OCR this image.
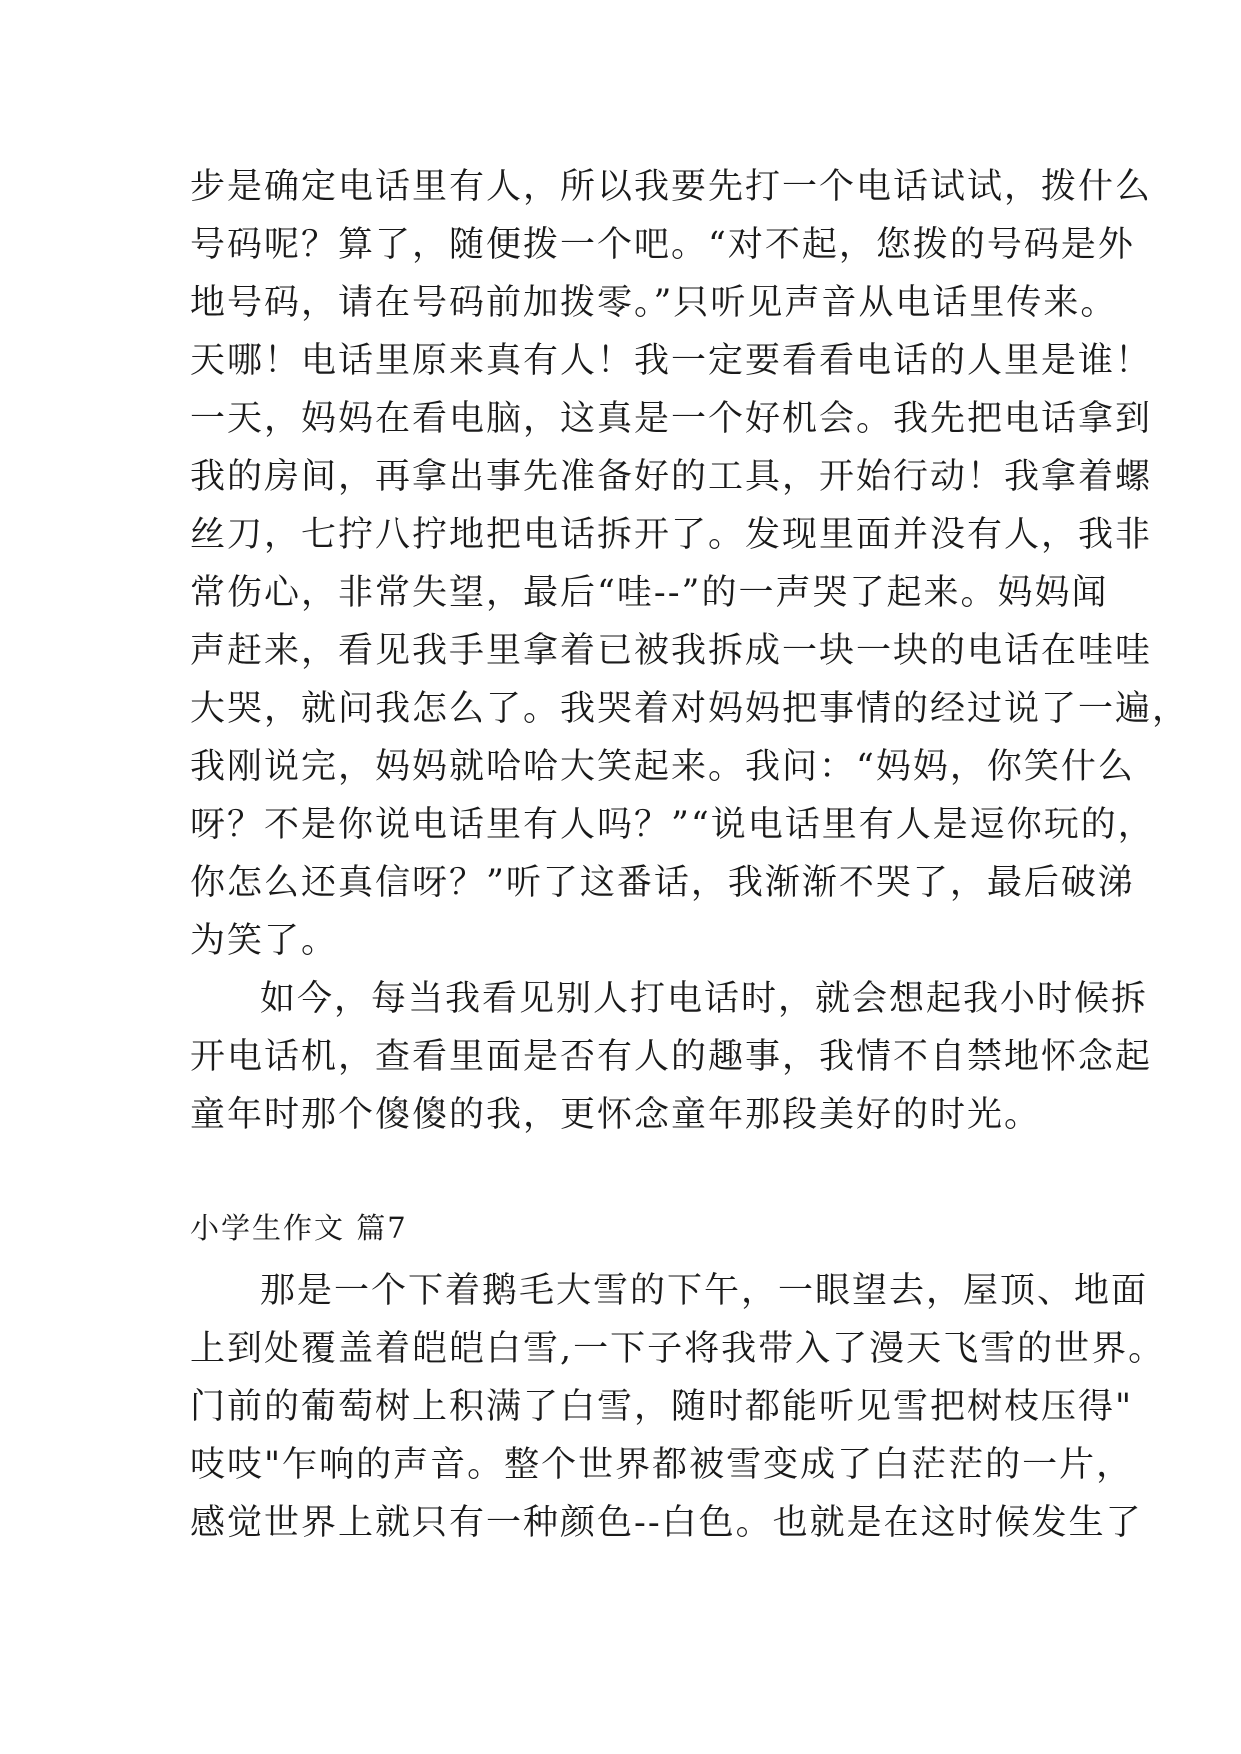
步是确定电话里有人，所以我要先打一个电话试试，拨什么
号码呢？算了，随便拨一个吧。“对不起，您拨的号码是外
地号码，请在号码前加拨零。”只听见声音从电话里传来。
天哪！电话里原来真有人！我一定要看看电话的人里是谁！
一天，妈妈在看电脑，这真是一个好机会。我先把电话拿到
我的房间，再拿出事先准备好的工具，开始行动！我拿着螺
丝刀，七拧八拧地把电话拆开了。发现里面并没有人，我非
常伤心，非常失望，最后“哇--”的一声哭了起来。妈妈闻
声赶来，看见我手里拿着已被我拆成一块一块的电话在哇哇
大哭，就问我怎么了。我哭着对妈妈把事情的经过说了一遍，
我刚说完，妈妈就哈哈大笑起来。我问：“妈妈，你笑什么
呀？不是你说电话里有人吗？”“说电话里有人是逗你玩的，
你怎么还真信呀？”听了这番话，我渐渐不哭了，最后破涕
为笑了。
如今，每当我看见别人打电话时，就会想起我小时候拆
开电话机，查看里面是否有人的趣事，我情不自禁地怀念起
童年时那个傻傻的我，更怀念童年那段美好的时光。
小学生作文 篇7
那是一个下着鹅毛大雪的下午，一眼望去，屋顶、地面
上到处覆盖着皑皑白雪,一下子将我带入了漫天飞雪的世界。
门前的葡萄树上积满了白雪，随时都能听见雪把树枝压得"
吱吱"乍响的声音。整个世界都被雪变成了白茫茫的一片，
感觉世界上就只有一种颜色--白色。也就是在这时候发生了
